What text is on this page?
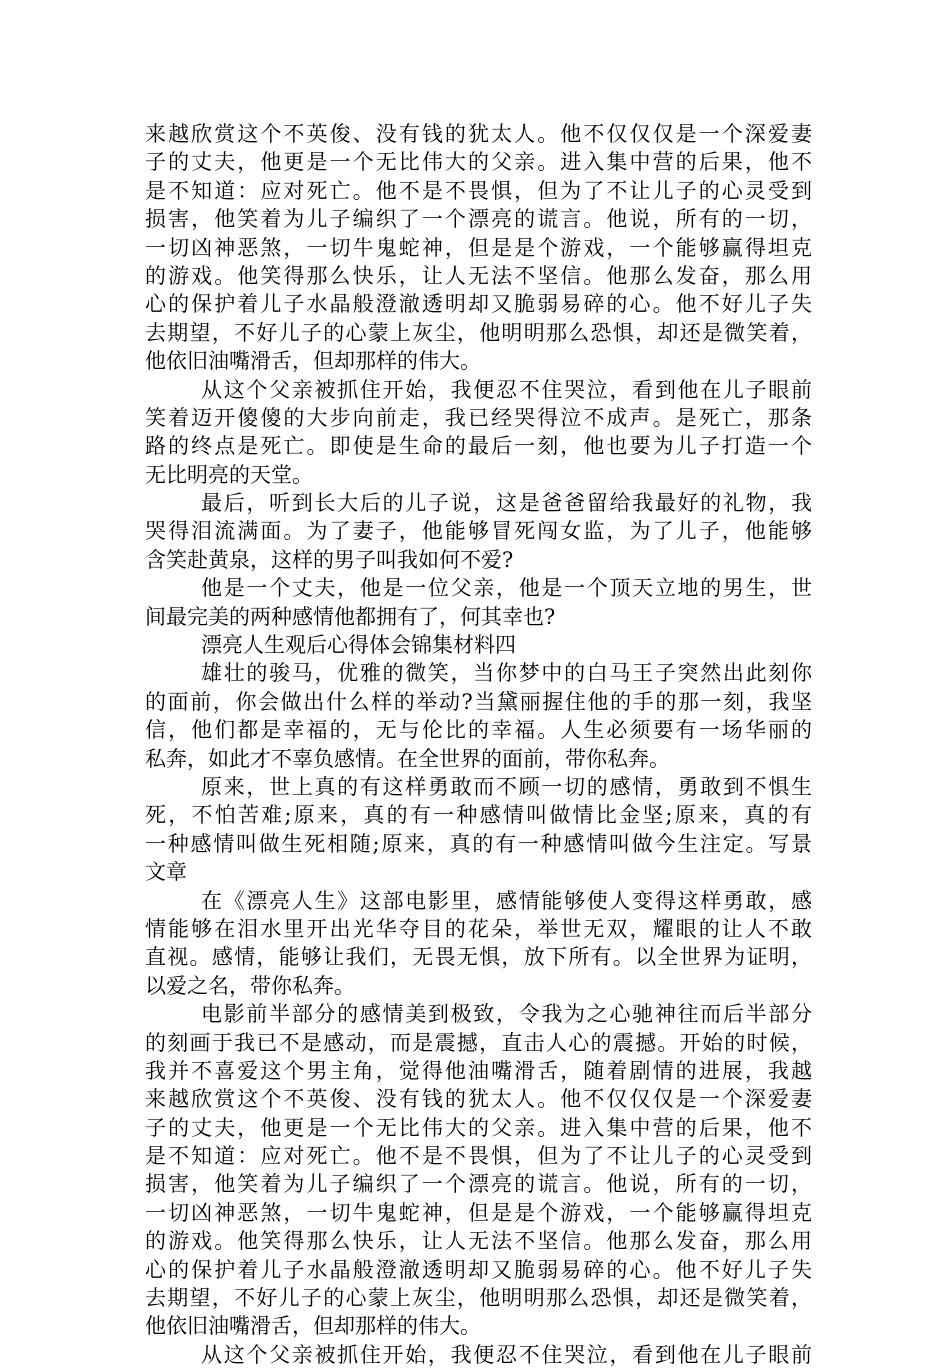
来越欣赏这个不英俊、没有钱的犹太人。他不仅仅仅是一个深爱妻
子的丈夫，他更是一个无比伟大的父亲。进入集中营的后果，他不
是不知道：应对死亡。他不是不畏惧，但为了不让儿子的心灵受到
损害，他笑着为儿子编织了一个漂亮的谎言。他说，所有的一切，
一切凶神恶煞，一切牛鬼蛇神，但是是个游戏，一个能够赢得坦克
的游戏。他笑得那么快乐，让人无法不坚信。他那么发奋，那么用
心的保护着儿子水晶般澄澈透明却又脆弱易碎的心。他不好儿子失
去期望，不好儿子的心蒙上灰尘，他明明那么恐惧，却还是微笑着，
他依旧油嘴滑舌，但却那样的伟大。
从这个父亲被抓住开始，我便忍不住哭泣，看到他在儿子眼前
笑着迈开傻傻的大步向前走，我已经哭得泣不成声。是死亡，那条
路的终点是死亡。即使是生命的最后一刻，他也要为儿子打造一个
无比明亮的天堂。
最后，听到长大后的儿子说，这是爸爸留给我最好的礼物，我
哭得泪流满面。为了妻子，他能够冒死闯女监，为了儿子，他能够
含笑赴黄泉，这样的男子叫我如何不爱?
他是一个丈夫，他是一位父亲，他是一个顶天立地的男生，世
间最完美的两种感情他都拥有了，何其幸也?
漂亮人生观后心得体会锦集材料四
雄壮的骏马，优雅的微笑，当你梦中的白马王子突然出此刻你
的面前，你会做出什么样的举动?当黛丽握住他的手的那一刻，我坚
信，他们都是幸福的，无与伦比的幸福。人生必须要有一场华丽的
私奔，如此才不辜负感情。在全世界的面前，带你私奔。
原来，世上真的有这样勇敢而不顾一切的感情，勇敢到不惧生
死，不怕苦难;原来，真的有一种感情叫做情比金坚;原来，真的有
一种感情叫做生死相随;原来，真的有一种感情叫做今生注定。写景
文章
在《漂亮人生》这部电影里，感情能够使人变得这样勇敢，感
情能够在泪水里开出光华夺目的花朵，举世无双，耀眼的让人不敢
直视。感情，能够让我们，无畏无惧，放下所有。以全世界为证明，
以爱之名，带你私奔。
电影前半部分的感情美到极致，令我为之心驰神往而后半部分
的刻画于我已不是感动，而是震撼，直击人心的震撼。开始的时候，
我并不喜爱这个男主角，觉得他油嘴滑舌，随着剧情的进展，我越
来越欣赏这个不英俊、没有钱的犹太人。他不仅仅仅是一个深爱妻
子的丈夫，他更是一个无比伟大的父亲。进入集中营的后果，他不
是不知道：应对死亡。他不是不畏惧，但为了不让儿子的心灵受到
损害，他笑着为儿子编织了一个漂亮的谎言。他说，所有的一切，
一切凶神恶煞，一切牛鬼蛇神，但是是个游戏，一个能够赢得坦克
的游戏。他笑得那么快乐，让人无法不坚信。他那么发奋，那么用
心的保护着儿子水晶般澄澈透明却又脆弱易碎的心。他不好儿子失
去期望，不好儿子的心蒙上灰尘，他明明那么恐惧，却还是微笑着，
他依旧油嘴滑舌，但却那样的伟大。
从这个父亲被抓住开始，我便忍不住哭泣，看到他在儿子眼前
